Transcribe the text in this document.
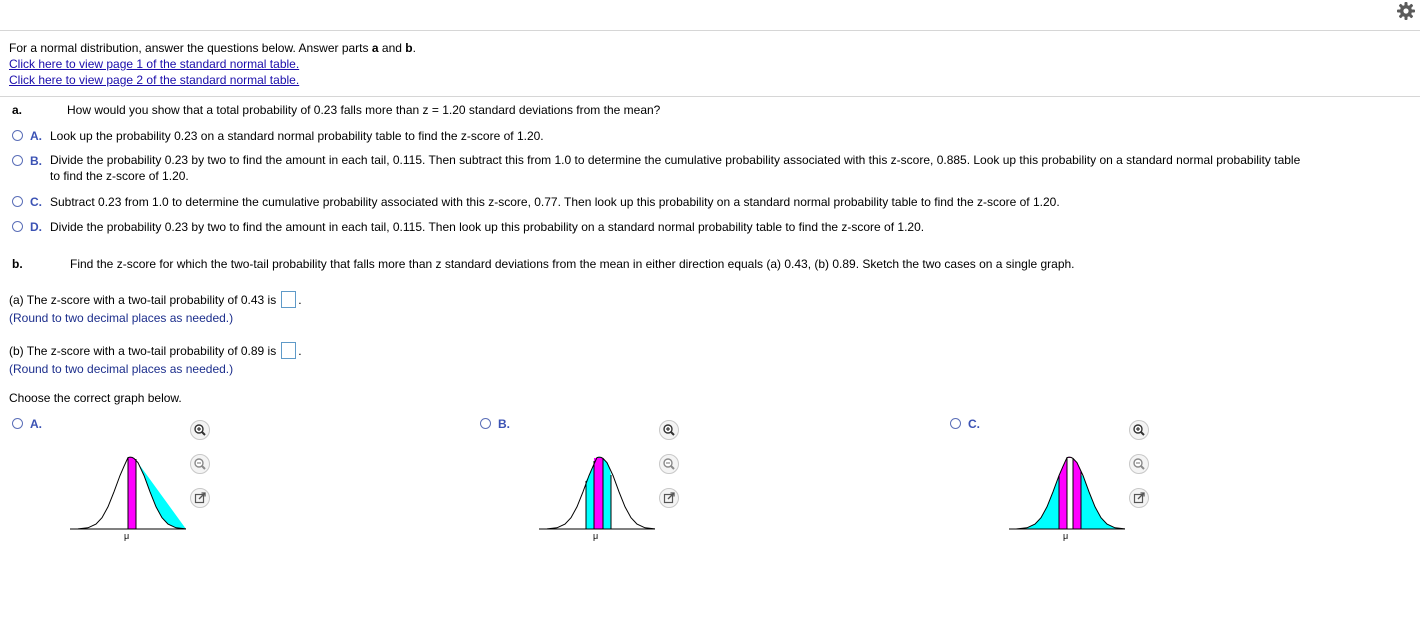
For a normal distribution, answer the questions below. Answer parts a and b.
Click here to view page 1 of the standard normal table.
Click here to view page 2 of the standard normal table.
a.	How would you show that a total probability of 0.23 falls more than z = 1.20 standard deviations from the mean?
A. Look up the probability 0.23 on a standard normal probability table to find the z-score of 1.20.
B. Divide the probability 0.23 by two to find the amount in each tail, 0.115. Then subtract this from 1.0 to determine the cumulative probability associated with this z-score, 0.885. Look up this probability on a standard normal probability table
to find the z-score of 1.20.
C. Subtract 0.23 from 1.0 to determine the cumulative probability associated with this z-score, 0.77. Then look up this probability on a standard normal probability table to find the z-score of 1.20.
D. Divide the probability 0.23 by two to find the amount in each tail, 0.115. Then look up this probability on a standard normal probability table to find the z-score of 1.20.
b.	Find the z-score for which the two-tail probability that falls more than z standard deviations from the mean in either direction equals (a) 0.43, (b) 0.89. Sketch the two cases on a single graph.
(a) The z-score with a two-tail probability of 0.43 is .
(Round to two decimal places as needed.)
(b) The z-score with a two-tail probability of 0.89 is .
(Round to two decimal places as needed.)
Choose the correct graph below.
A.
μ
B.
μ
C.
μ
